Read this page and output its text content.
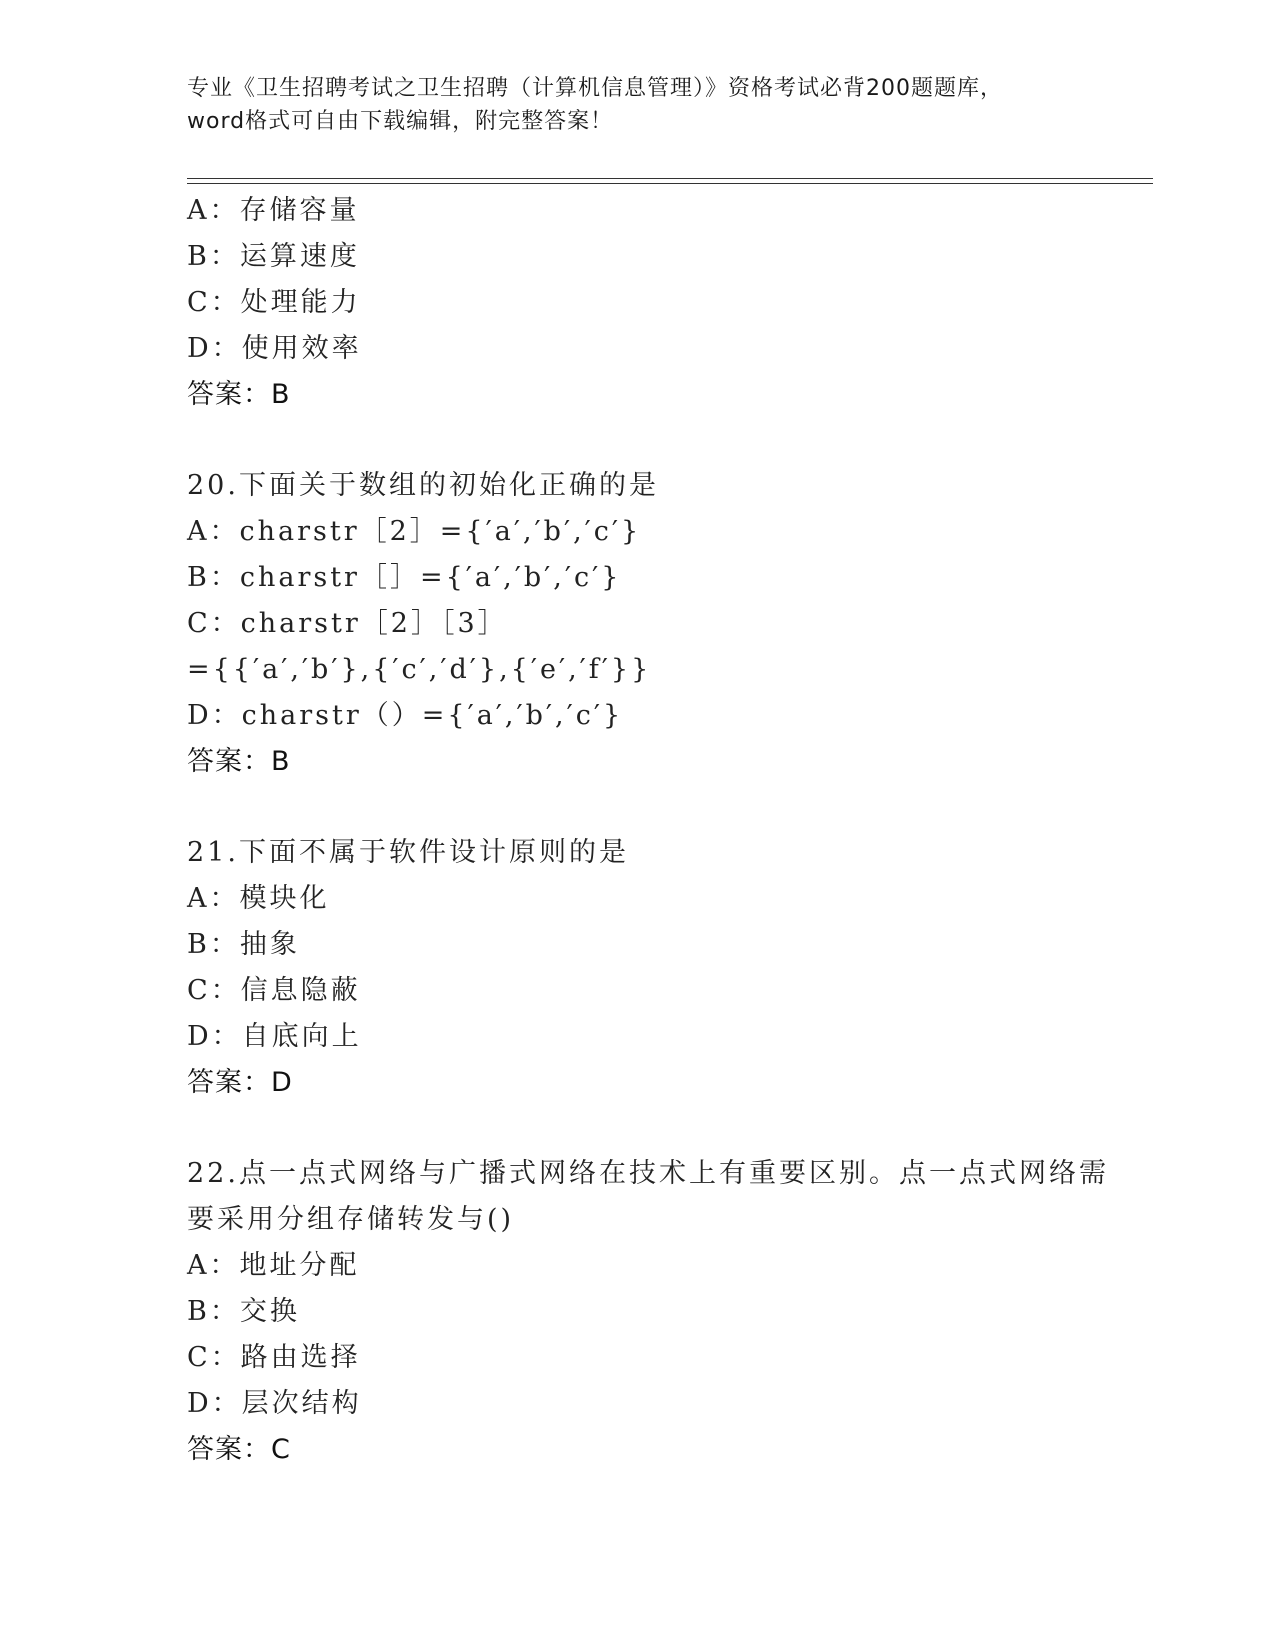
专业《卫生招聘考试之卫生招聘（计算机信息管理）》资格考试必背200题题库，

word格式可自由下载编辑，附完整答案！

A：存储容量
B：运算速度
C：处理能力
D：使用效率
答案：B
20.下面关于数组的初始化正确的是
A：charstr［2］={′a′,′b′,′c′}
B：charstr［］={′a′,′b′,′c′}
C：charstr［2］［3］
={{′a′,′b′},{′c′,′d′},{′e′,′f′}}
D：charstr（）={′a′,′b′,′c′}
答案：B
21.下面不属于软件设计原则的是
A：模块化
B：抽象
C：信息隐蔽
D：自底向上
答案：D
22.点一点式网络与广播式网络在技术上有重要区别。点一点式网络需
要采用分组存储转发与()
A：地址分配
B：交换
C：路由选择
D：层次结构
答案：C
